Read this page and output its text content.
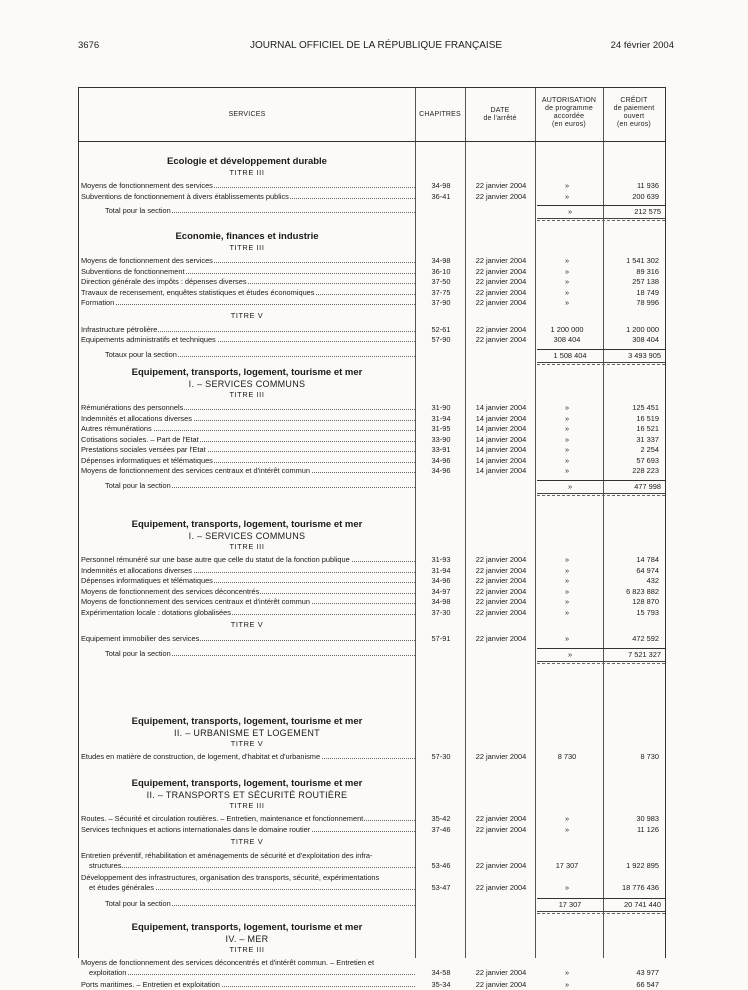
3676	JOURNAL OFFICIEL DE LA RÉPUBLIQUE FRANÇAISE	24 février 2004
SERVICES	CHAPITRES
DATE
de l'arrêté
AUTORISATION
de programme
accordée
(en euros)
CRÉDIT
de paiement
ouvert
(en euros)
Ecologie et développement durable
TITRE III
Moyens de fonctionnement des services	34-98	22 janvier 2004	»	11 936
Subventions de fonctionnement à divers établissements publics	36-41	22 janvier 2004	»	200 639
Total pour la section	»	212 575
Economie, finances et industrie
TITRE III
Moyens de fonctionnement des services	34-98	22 janvier 2004	»	1 541 302
Subventions de fonctionnement	36-10	22 janvier 2004	»	89 316
Direction générale des impôts : dépenses diverses	37-50	22 janvier 2004	»	257 138
Travaux de recensement, enquêtes statistiques et études économiques	37-75	22 janvier 2004	»	18 749
Formation	37-90	22 janvier 2004	»	78 996
TITRE V
Infrastructure pétrolière	52-61	22 janvier 2004	1 200 000	1 200 000
Equipements administratifs et techniques	57-90	22 janvier 2004	308 404	308 404
Totaux pour la section	1 508 404	3 493 905
Equipement, transports, logement, tourisme et mer
I. – SERVICES COMMUNS
TITRE III
Rémunérations des personnels	31-90	14 janvier 2004	»	125 451
Indemnités et allocations diverses	31-94	14 janvier 2004	»	16 519
Autres rémunérations	31-95	14 janvier 2004	»	16 521
Cotisations sociales. – Part de l'Etat	33-90	14 janvier 2004	»	31 337
Prestations sociales versées par l'Etat	33-91	14 janvier 2004	»	2 254
Dépenses informatiques et télématiques	34-96	14 janvier 2004	»	57 693
Moyens de fonctionnement des services centraux et d'intérêt commun	34-96	14 janvier 2004	»	228 223
Total pour la section	»	477 998
Equipement, transports, logement, tourisme et mer
I. – SERVICES COMMUNS
TITRE III
Personnel rémunéré sur une base autre que celle du statut de la fonction publique	31-93	22 janvier 2004	»	14 784
Indemnités et allocations diverses	31-94	22 janvier 2004	»	64 974
Dépenses informatiques et télématiques	34-96	22 janvier 2004	»	432
Moyens de fonctionnement des services déconcentrés	34-97	22 janvier 2004	»	6 823 882
Moyens de fonctionnement des services centraux et d'intérêt commun	34-98	22 janvier 2004	»	128 870
Expérimentation locale : dotations globalisées	37-30	22 janvier 2004	»	15 793
TITRE V
Equipement immobilier des services	57-91	22 janvier 2004	»	472 592
Total pour la section	»	7 521 327
Equipement, transports, logement, tourisme et mer
II. – URBANISME ET LOGEMENT
TITRE V
Etudes en matière de construction, de logement, d'habitat et d'urbanisme	57-30	22 janvier 2004	8 730	8 730
Equipement, transports, logement, tourisme et mer
II. – TRANSPORTS ET SÉCURITÉ ROUTIÈRE
TITRE III
Routes. – Sécurité et circulation routières. – Entretien, maintenance et fonctionnement	35-42	22 janvier 2004	»	30 983
Services techniques et actions internationales dans le domaine routier	37-46	22 janvier 2004	»	11 126
TITRE V
Entretien préventif, réhabilitation et aménagements de sécurité et d'exploitation des infra-
structures	53-46	22 janvier 2004	17 307	1 922 895
Développement des infrastructures, organisation des transports, sécurité, expérimentations
et études générales	53-47	22 janvier 2004	»	18 776 436
Total pour la section	17 307	20 741 440
Equipement, transports, logement, tourisme et mer
IV. – MER
TITRE III
Moyens de fonctionnement des services déconcentrés et d'intérêt commun. – Entretien et
exploitation	34-58	22 janvier 2004	»	43 977
Ports maritimes. – Entretien et exploitation	35-34	22 janvier 2004	»	66 547
